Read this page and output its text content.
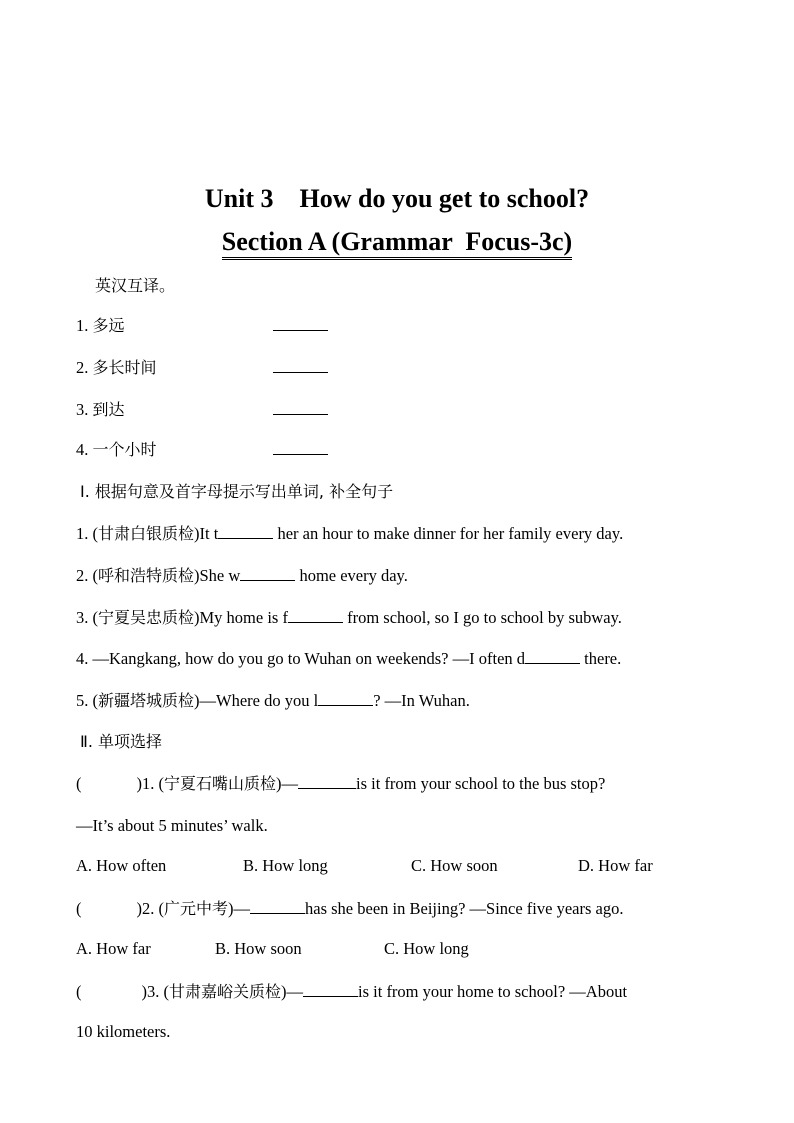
Unit 3    How do you get to school?
Section A (Grammar  Focus-3c)
英汉互译。
1. 多远
2. 多长时间
3. 到达
4. 一个小时
Ⅰ. 根据句意及首字母提示写出单词, 补全句子
1. (甘肃白银质检)It t	her an hour to make dinner for her family every day.
2. (呼和浩特质检)She w	home every day.
3. (宁夏吴忠质检)My home is f	from school, so I go to school by subway.
4. —Kangkang, how do you go to Wuhan on weekends? —I often d	there.
5. (新疆塔城质检)—Where do you l	? —In Wuhan.
Ⅱ. 单项选择
(	)1. (宁夏石嘴山质检)—	is it from your school to the bus stop?
—It’s about 5 minutes’ walk.
A. How often	B. How long	C. How soon	D. How far
(	)2. (广元中考)—	has she been in Beijing? —Since five years ago.
A. How far	B. How soon	C. How long
(	)3. (甘肃嘉峪关质检)—	is it from your home to school? —About
10 kilometers.
